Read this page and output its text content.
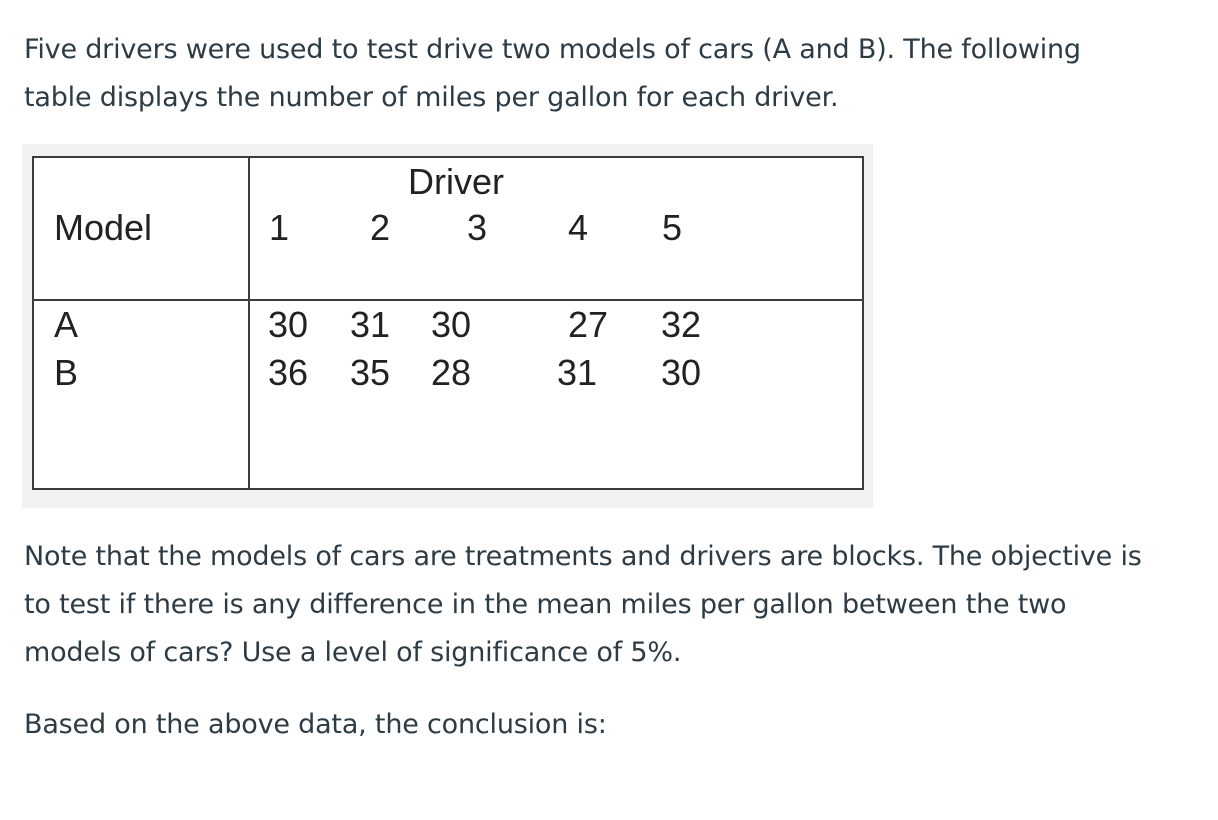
Five drivers were used to test drive two models of cars (A and B). The following
table displays the number of miles per gallon for each driver.

Driver
Model	1 2 3 4 5
A	30 31 30	27 32
B	36 35 28 31 30

Note that the models of cars are treatments and drivers are blocks. The objective is
to test if there is any difference in the mean miles per gallon between the two
models of cars? Use a level of significance of 5%.

Based on the above data, the conclusion is:
